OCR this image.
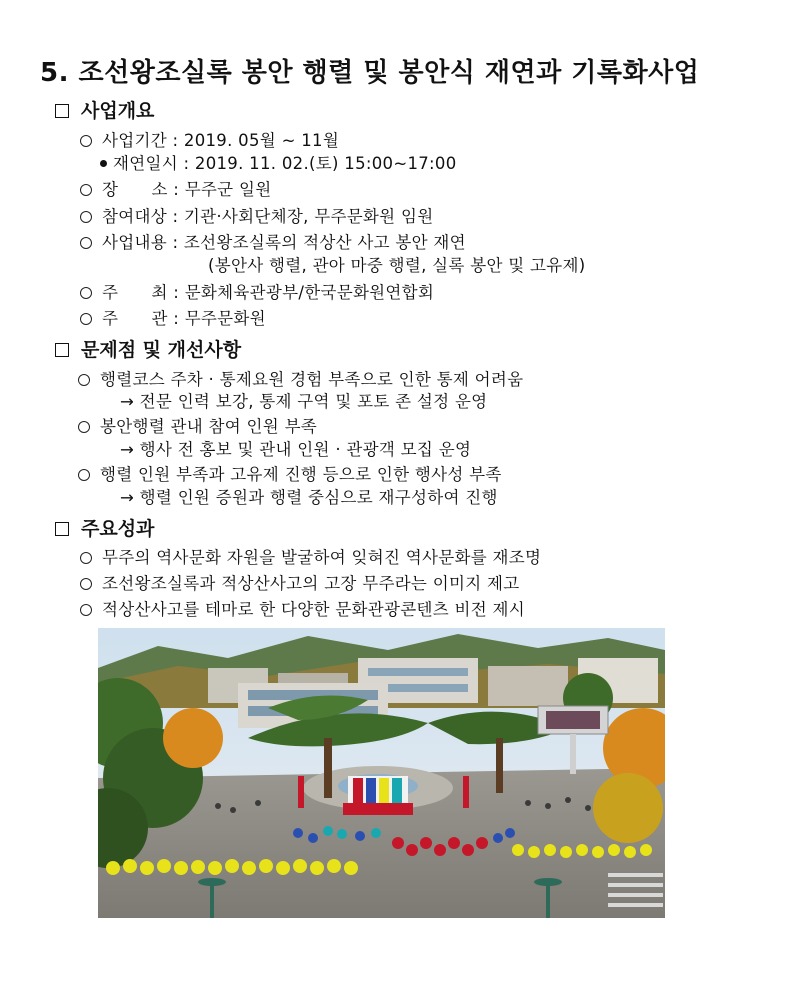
5. 조선왕조실록 봉안 행렬 및 봉안식 재연과 기록화사업
사업개요
사업기간 : 2019. 05월 ~ 11월
재연일시 : 2019. 11. 02.(토) 15:00~17:00
장      소 : 무주군 일원
참여대상 : 기관·사회단체장, 무주문화원 임원
사업내용 : 조선왕조실록의 적상산 사고 봉안 재연
(봉안사 행렬, 관아 마중 행렬, 실록 봉안 및 고유제)
주      최 : 문화체육관광부/한국문화원연합회
주      관 : 무주문화원
문제점 및 개선사항
행렬코스 주차 · 통제요원 경험 부족으로 인한 통제 어려움
→ 전문 인력 보강, 통제 구역 및 포토 존 설정 운영
봉안행렬 관내 참여 인원 부족
→ 행사 전 홍보 및 관내 인원 · 관광객 모집 운영
행렬 인원 부족과 고유제 진행 등으로 인한 행사성 부족
→ 행렬 인원 증원과 행렬 중심으로 재구성하여 진행
주요성과
무주의 역사문화 자원을 발굴하여 잊혀진 역사문화를 재조명
조선왕조실록과 적상산사고의 고장 무주라는 이미지 제고
적상산사고를 테마로 한 다양한 문화관광콘텐츠 비전 제시
